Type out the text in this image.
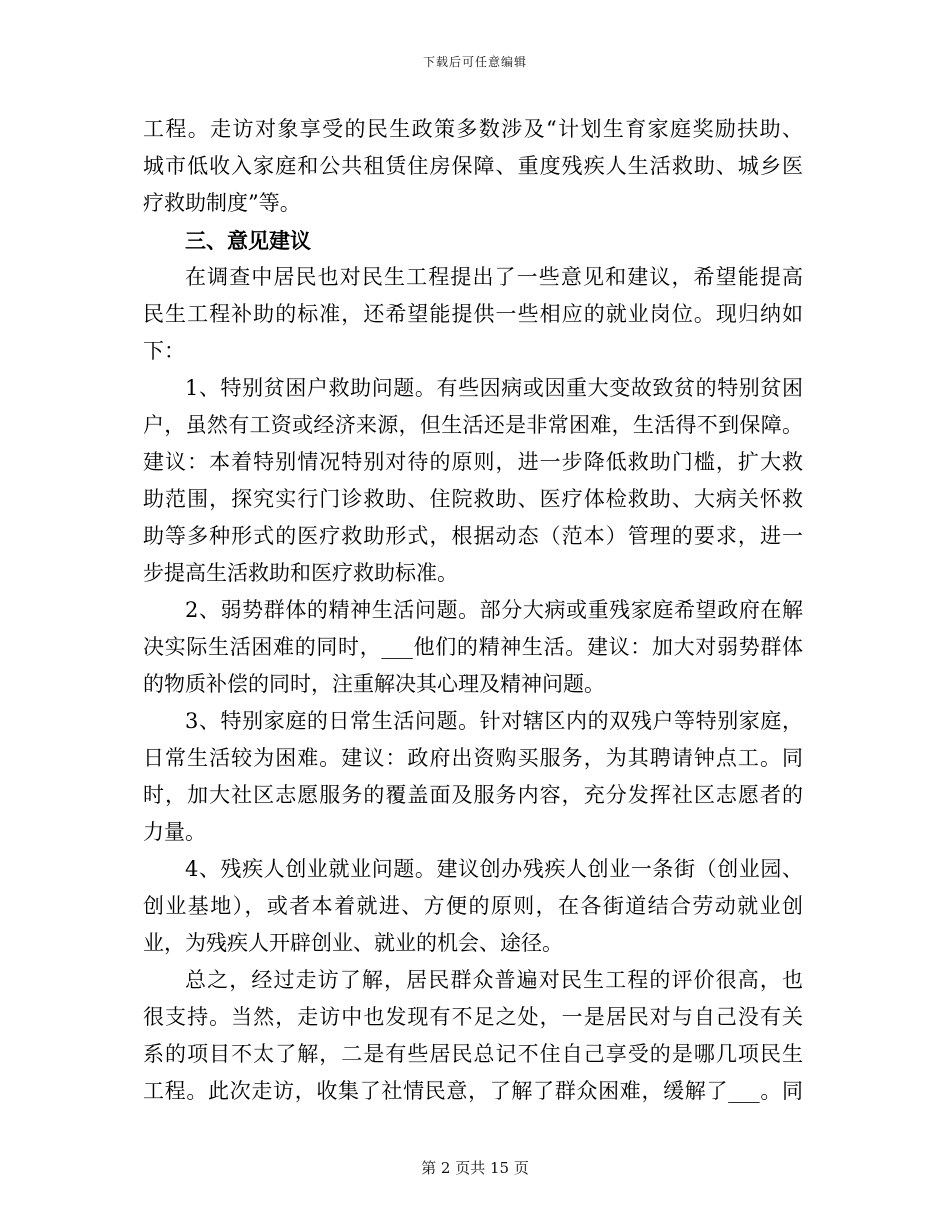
下载后可任意编辑
工程。走访对象享受的民生政策多数涉及“计划生育家庭奖励扶助、
城市低收入家庭和公共租赁住房保障、重度残疾人生活救助、城乡医
疗救助制度”等。
三、意见建议
在调查中居民也对民生工程提出了一些意见和建议，希望能提高
民生工程补助的标准，还希望能提供一些相应的就业岗位。现归纳如
下：
1、特别贫困户救助问题。有些因病或因重大变故致贫的特别贫困
户，虽然有工资或经济来源，但生活还是非常困难，生活得不到保障。
建议：本着特别情况特别对待的原则，进一步降低救助门槛，扩大救
助范围，探究实行门诊救助、住院救助、医疗体检救助、大病关怀救
助等多种形式的医疗救助形式，根据动态（范本）管理的要求，进一
步提高生活救助和医疗救助标准。
2、弱势群体的精神生活问题。部分大病或重残家庭希望政府在解
决实际生活困难的同时，___他们的精神生活。建议：加大对弱势群体
的物质补偿的同时，注重解决其心理及精神问题。
3、特别家庭的日常生活问题。针对辖区内的双残户等特别家庭，
日常生活较为困难。建议：政府出资购买服务，为其聘请钟点工。同
时，加大社区志愿服务的覆盖面及服务内容，充分发挥社区志愿者的
力量。
4、残疾人创业就业问题。建议创办残疾人创业一条街（创业园、
创业基地），或者本着就进、方便的原则，在各街道结合劳动就业创
业，为残疾人开辟创业、就业的机会、途径。
总之，经过走访了解，居民群众普遍对民生工程的评价很高，也
很支持。当然，走访中也发现有不足之处，一是居民对与自己没有关
系的项目不太了解，二是有些居民总记不住自己享受的是哪几项民生
工程。此次走访，收集了社情民意，了解了群众困难，缓解了___。同
第 2 页共 15 页
